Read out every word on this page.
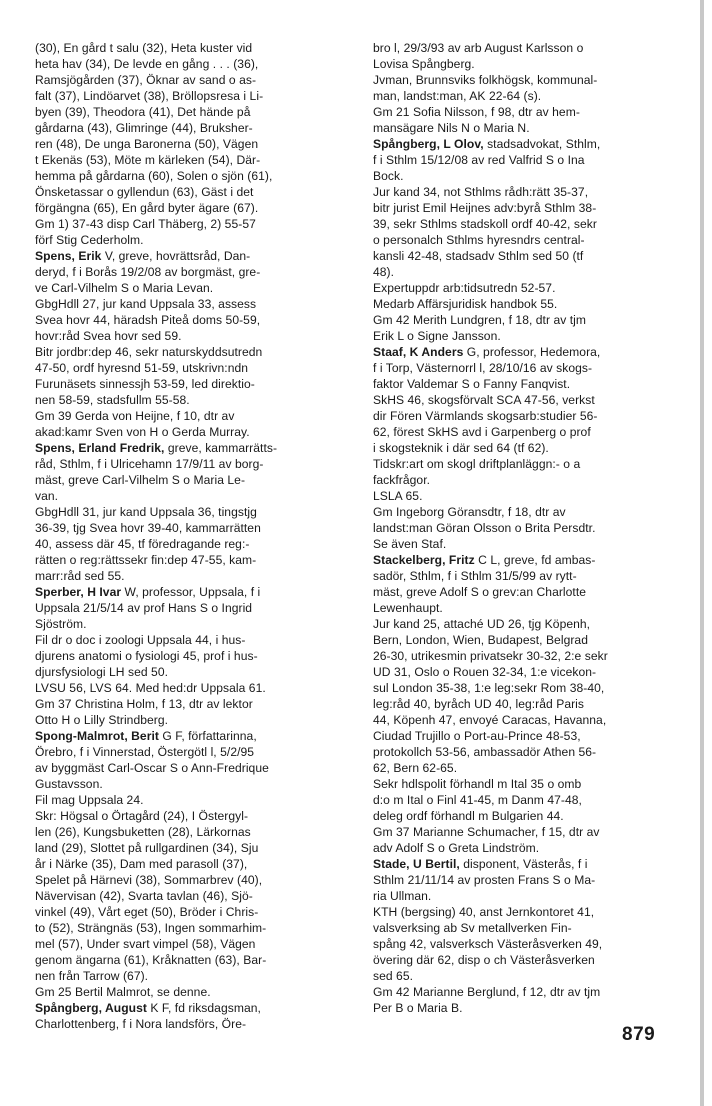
(30), En gård t salu (32), Heta kuster vid
heta hav (34), De levde en gång . . . (36),
Ramsjögården (37), Öknar av sand o as-
falt (37), Lindöarvet (38), Bröllopsresa i Li-
byen (39), Theodora (41), Det hände på
gårdarna (43), Glimringe (44), Bruksher-
ren (48), De unga Baronerna (50), Vägen
t Ekenäs (53), Möte m kärleken (54), Där-
hemma på gårdarna (60), Solen o sjön (61),
Önsketassar o gyllendun (63), Gäst i det
förgängna (65), En gård byter ägare (67).
Gm 1) 37-43 disp Carl Thäberg, 2) 55-57
förf Stig Cederholm.
Spens, Erik V, greve, hovrättsråd, Dan-
deryd, f i Borås 19/2/08 av borgmäst, gre-
ve Carl-Vilhelm S o Maria Levan.
GbgHdll 27, jur kand Uppsala 33, assess
Svea hovr 44, häradsh Piteå doms 50-59,
hovr:råd Svea hovr sed 59.
Bitr jordbr:dep 46, sekr naturskyddsutredn
47-50, ordf hyresnd 51-59, utskrivn:ndn
Furunäsets sinnessjh 53-59, led direktio-
nen 58-59, stadsfullm 55-58.
Gm 39 Gerda von Heijne, f 10, dtr av
akad:kamr Sven von H o Gerda Murray.
Spens, Erland Fredrik, greve, kammarrätts-
råd, Sthlm, f i Ulricehamn 17/9/11 av borg-
mäst, greve Carl-Vilhelm S o Maria Le-
van.
GbgHdll 31, jur kand Uppsala 36, tingstjg
36-39, tjg Svea hovr 39-40, kammarrätten
40, assess där 45, tf föredragande reg:-
rätten o reg:rättssekr fin:dep 47-55, kam-
marr:råd sed 55.
Sperber, H Ivar W, professor, Uppsala, f i
Uppsala 21/5/14 av prof Hans S o Ingrid
Sjöström.
Fil dr o doc i zoologi Uppsala 44, i hus-
djurens anatomi o fysiologi 45, prof i hus-
djursfysiologi LH sed 50.
LVSU 56, LVS 64. Med hed:dr Uppsala 61.
Gm 37 Christina Holm, f 13, dtr av lektor
Otto H o Lilly Strindberg.
Spong-Malmrot, Berit G F, författarinna,
Örebro, f i Vinnerstad, Östergötl l, 5/2/95
av byggmäst Carl-Oscar S o Ann-Fredrique
Gustavsson.
Fil mag Uppsala 24.
Skr: Högsal o Örtagård (24), I Östergyl-
len (26), Kungsbuketten (28), Lärkornas
land (29), Slottet på rullgardinen (34), Sju
år i Närke (35), Dam med parasoll (37),
Spelet på Härnevi (38), Sommarbrev (40),
Nävervisan (42), Svarta tavlan (46), Sjö-
vinkel (49), Vårt eget (50), Bröder i Chris-
to (52), Strängnäs (53), Ingen sommarhim-
mel (57), Under svart vimpel (58), Vägen
genom ängarna (61), Kråknatten (63), Bar-
nen från Tarrow (67).
Gm 25 Bertil Malmrot, se denne.
Spångberg, August K F, fd riksdagsman,
Charlottenberg, f i Nora landsförs, Öre-
bro l, 29/3/93 av arb August Karlsson o
Lovisa Spångberg.
Jvman, Brunnsviks folkhögsk, kommunal-
man, landst:man, AK 22-64 (s).
Gm 21 Sofia Nilsson, f 98, dtr av hem-
mansägare Nils N o Maria N.
Spångberg, L Olov, stadsadvokat, Sthlm,
f i Sthlm 15/12/08 av red Valfrid S o Ina
Bock.
Jur kand 34, not Sthlms rådh:rätt 35-37,
bitr jurist Emil Heijnes adv:byrå Sthlm 38-
39, sekr Sthlms stadskoll ordf 40-42, sekr
o personalch Sthlms hyresndrs central-
kansli 42-48, stadsadv Sthlm sed 50 (tf
48).
Expertuppdr arb:tidsutredn 52-57.
Medarb Affärsjuridisk handbok 55.
Gm 42 Merith Lundgren, f 18, dtr av tjm
Erik L o Signe Jansson.
Staaf, K Anders G, professor, Hedemora,
f i Torp, Västernorrl l, 28/10/16 av skogs-
faktor Valdemar S o Fanny Fanqvist.
SkHS 46, skogsförvalt SCA 47-56, verkst
dir Fören Värmlands skogsarb:studier 56-
62, förest SkHS avd i Garpenberg o prof
i skogsteknik i där sed 64 (tf 62).
Tidskr:art om skogl driftplanläggn:- o a
fackfrågor.
LSLA 65.
Gm Ingeborg Göransdtr, f 18, dtr av
landst:man Göran Olsson o Brita Persdtr.
Se även Staf.
Stackelberg, Fritz C L, greve, fd ambas-
sadör, Sthlm, f i Sthlm 31/5/99 av rytt-
mäst, greve Adolf S o grev:an Charlotte
Lewenhaupt.
Jur kand 25, attaché UD 26, tjg Köpenh,
Bern, London, Wien, Budapest, Belgrad
26-30, utrikesmin privatsekr 30-32, 2:e sekr
UD 31, Oslo o Rouen 32-34, 1:e vicekon-
sul London 35-38, 1:e leg:sekr Rom 38-40,
leg:råd 40, byråch UD 40, leg:råd Paris
44, Köpenh 47, envoyé Caracas, Havanna,
Ciudad Trujillo o Port-au-Prince 48-53,
protokollch 53-56, ambassadör Athen 56-
62, Bern 62-65.
Sekr hdlspolit förhandl m Ital 35 o omb
d:o m Ital o Finl 41-45, m Danm 47-48,
deleg ordf förhandl m Bulgarien 44.
Gm 37 Marianne Schumacher, f 15, dtr av
adv Adolf S o Greta Lindström.
Stade, U Bertil, disponent, Västerås, f i
Sthlm 21/11/14 av prosten Frans S o Ma-
ria Ullman.
KTH (bergsing) 40, anst Jernkontoret 41,
valsverksing ab Sv metallverken Fin-
spång 42, valsverksch Västeråsverken 49,
övering där 62, disp o ch Västeråsverken
sed 65.
Gm 42 Marianne Berglund, f 12, dtr av tjm
Per B o Maria B.
879
